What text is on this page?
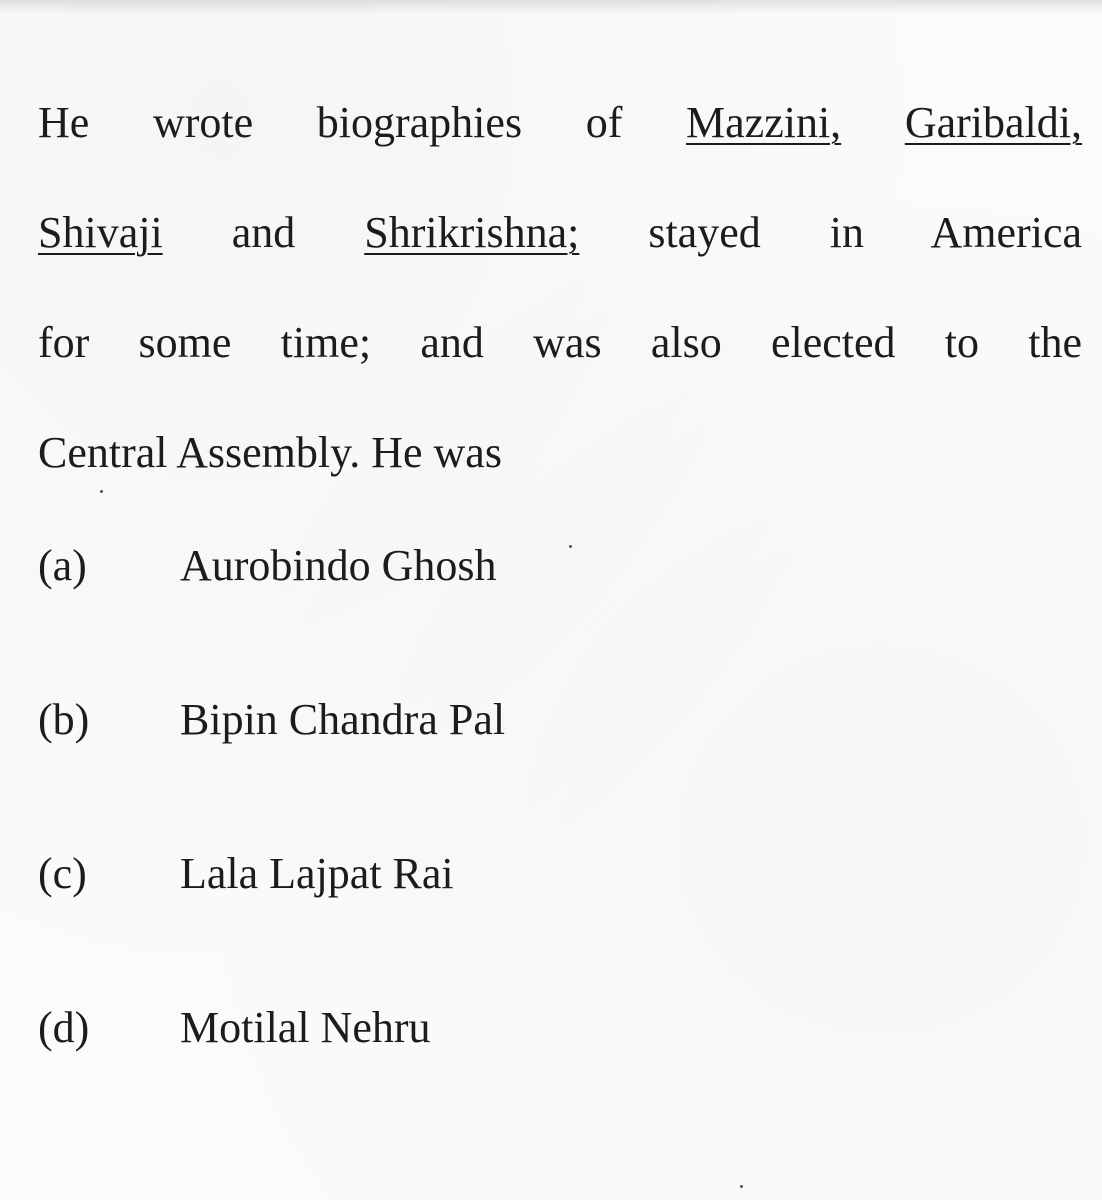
He wrote biographies of Mazzini, Garibaldi,
Shivaji and Shrikrishna; stayed in America
for some time; and was also elected to the
Central Assembly. He was
(a)	Aurobindo Ghosh
(b)	Bipin Chandra Pal
(c)	Lala Lajpat Rai
(d)	Motilal Nehru
